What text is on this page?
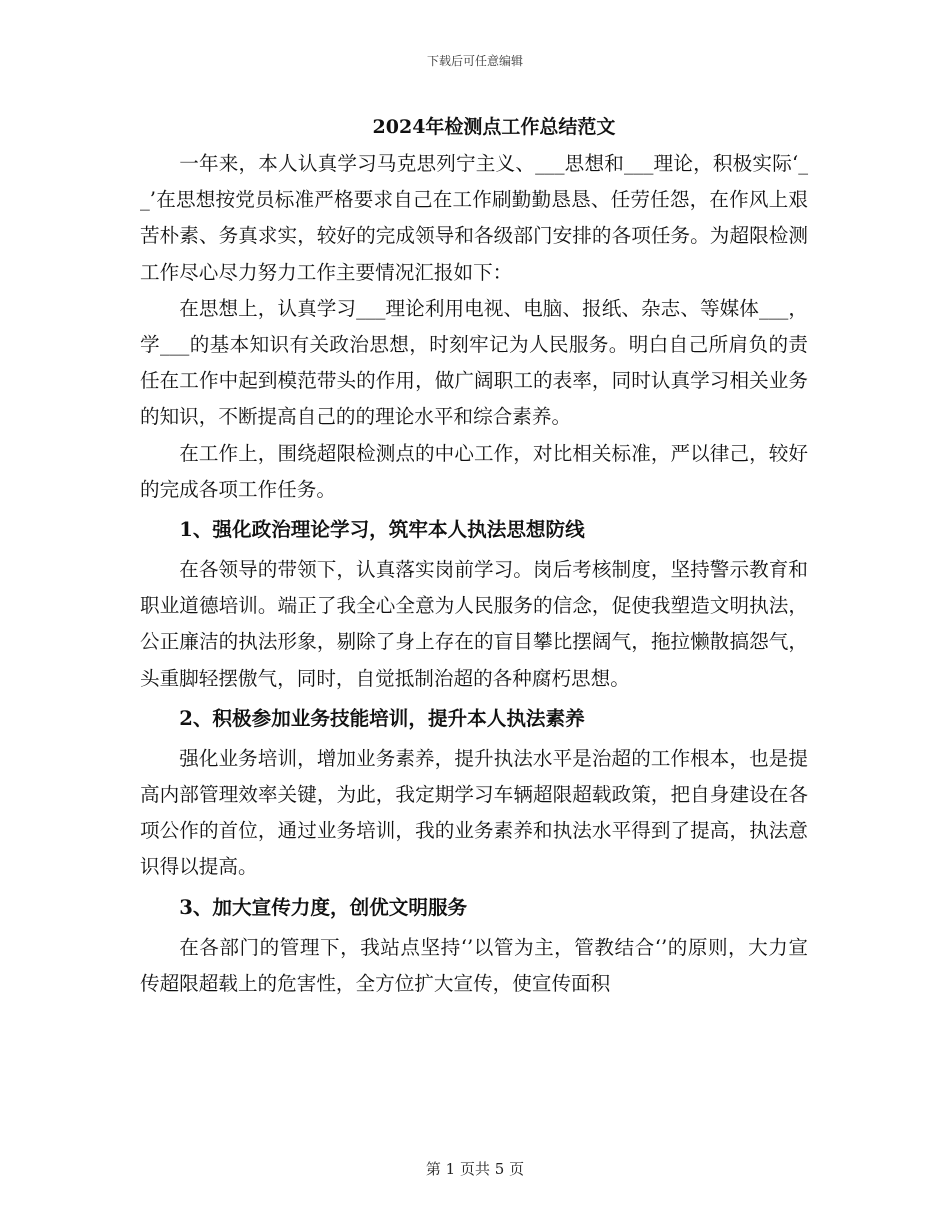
下载后可任意编辑
2024年检测点工作总结范文

一年来，本人认真学习马克思列宁主义、___思想和___理论，积极实际‘__’在思想按党员标准严格要求自己在工作刷勤勤恳恳、任劳任怨，在作风上艰苦朴素、务真求实，较好的完成领导和各级部门安排的各项任务。为超限检测工作尽心尽力努力工作主要情况汇报如下：

在思想上，认真学习___理论利用电视、电脑、报纸、杂志、等媒体___，学___的基本知识有关政治思想，时刻牢记为人民服务。明白自己所肩负的责任在工作中起到模范带头的作用，做广阔职工的表率，同时认真学习相关业务的知识，不断提高自己的的理论水平和综合素养。

在工作上，围绕超限检测点的中心工作，对比相关标准，严以律己，较好的完成各项工作任务。

1、强化政治理论学习，筑牢本人执法思想防线

在各领导的带领下，认真落实岗前学习。岗后考核制度，坚持警示教育和职业道德培训。端正了我全心全意为人民服务的信念，促使我塑造文明执法，公正廉洁的执法形象，剔除了身上存在的盲目攀比摆阔气，拖拉懒散搞怨气，头重脚轻摆傲气，同时，自觉抵制治超的各种腐朽思想。

2、积极参加业务技能培训，提升本人执法素养

强化业务培训，增加业务素养，提升执法水平是治超的工作根本，也是提高内部管理效率关键，为此，我定期学习车辆超限超载政策，把自身建设在各项公作的首位，通过业务培训，我的业务素养和执法水平得到了提高，执法意识得以提高。

3、加大宣传力度，创优文明服务

在各部门的管理下，我站点坚持‘’以管为主，管教结合‘’的原则，大力宣传超限超载上的危害性，全方位扩大宣传，使宣传面积

第 1 页共 5 页
